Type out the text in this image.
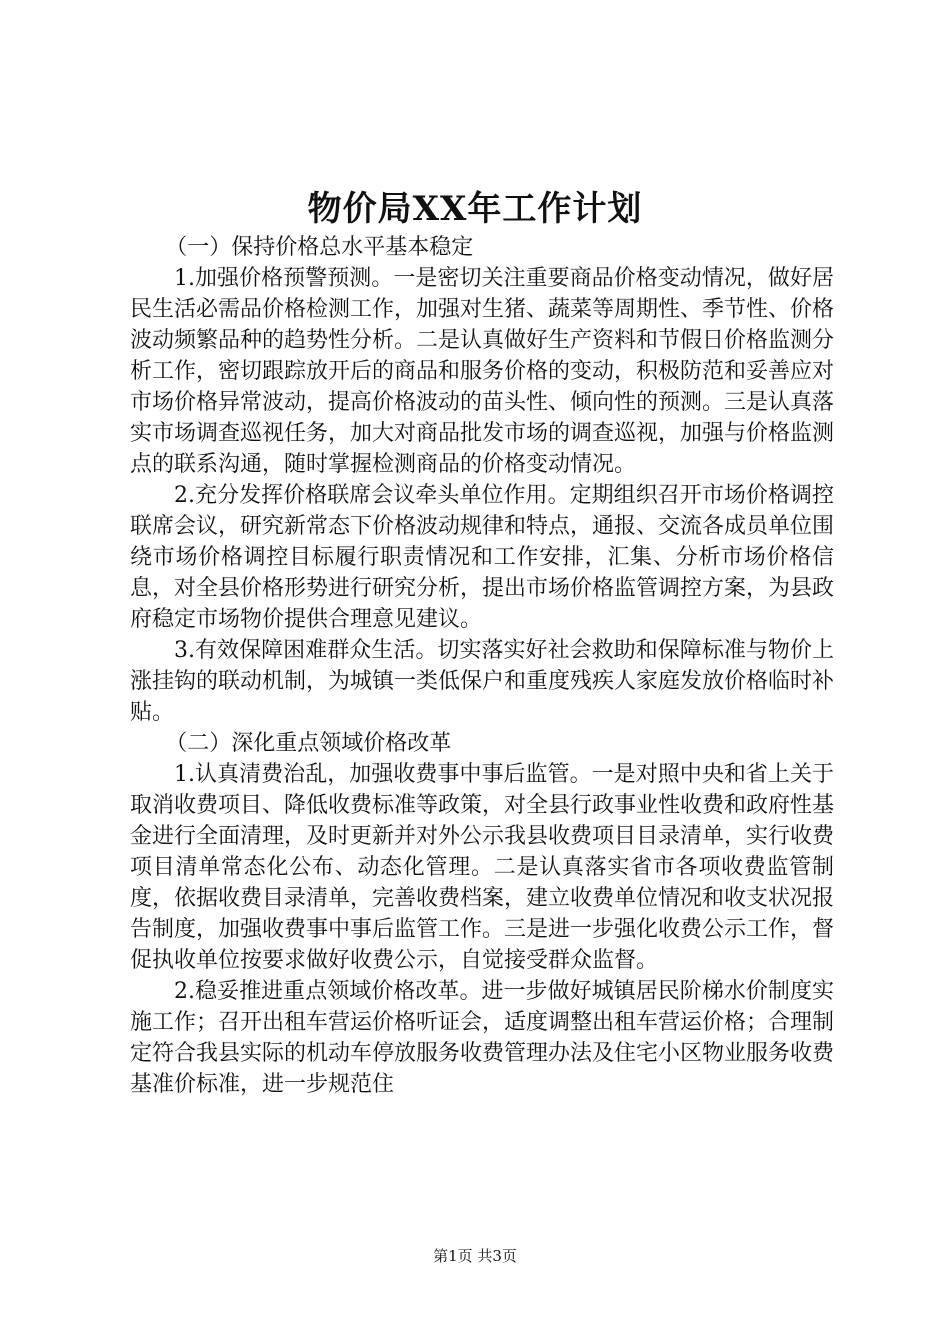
物价局XX年工作计划

（一）保持价格总水平基本稳定

1.加强价格预警预测。一是密切关注重要商品价格变动情况，做好居民生活必需品价格检测工作，加强对生猪、蔬菜等周期性、季节性、价格波动频繁品种的趋势性分析。二是认真做好生产资料和节假日价格监测分析工作，密切跟踪放开后的商品和服务价格的变动，积极防范和妥善应对市场价格异常波动，提高价格波动的苗头性、倾向性的预测。三是认真落实市场调查巡视任务，加大对商品批发市场的调查巡视，加强与价格监测点的联系沟通，随时掌握检测商品的价格变动情况。

2.充分发挥价格联席会议牵头单位作用。定期组织召开市场价格调控联席会议，研究新常态下价格波动规律和特点，通报、交流各成员单位围绕市场价格调控目标履行职责情况和工作安排，汇集、分析市场价格信息，对全县价格形势进行研究分析，提出市场价格监管调控方案，为县政府稳定市场物价提供合理意见建议。

3.有效保障困难群众生活。切实落实好社会救助和保障标准与物价上涨挂钩的联动机制，为城镇一类低保户和重度残疾人家庭发放价格临时补贴。

（二）深化重点领域价格改革

1.认真清费治乱，加强收费事中事后监管。一是对照中央和省上关于取消收费项目、降低收费标准等政策，对全县行政事业性收费和政府性基金进行全面清理，及时更新并对外公示我县收费项目目录清单，实行收费项目清单常态化公布、动态化管理。二是认真落实省市各项收费监管制度，依据收费目录清单，完善收费档案，建立收费单位情况和收支状况报告制度，加强收费事中事后监管工作。三是进一步强化收费公示工作，督促执收单位按要求做好收费公示，自觉接受群众监督。

2.稳妥推进重点领域价格改革。进一步做好城镇居民阶梯水价制度实施工作；召开出租车营运价格听证会，适度调整出租车营运价格；合理制定符合我县实际的机动车停放服务收费管理办法及住宅小区物业服务收费基准价标准，进一步规范住

第1页 共3页
